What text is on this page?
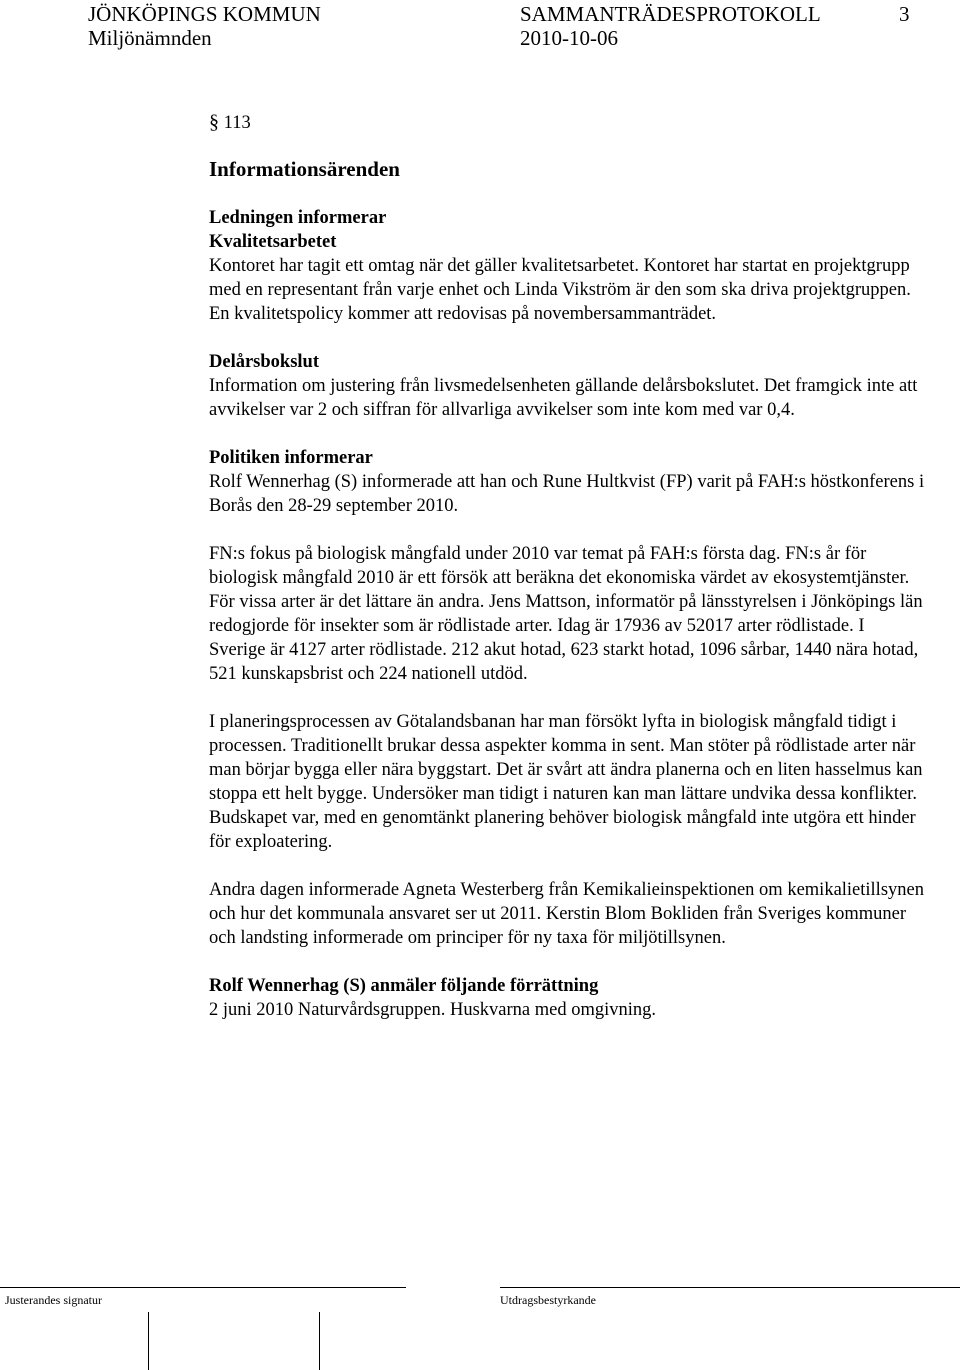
JÖNKÖPINGS KOMMUN	SAMMANTRÄDESPROTOKOLL	3
Miljönämnden	2010-10-06
§ 113
Informationsärenden

Ledningen informerar

Kvalitetsarbetet

Kontoret har tagit ett omtag när det gäller kvalitetsarbetet. Kontoret har startat en projektgrupp med en representant från varje enhet och Linda Vikström är den som ska driva projektgruppen. En kvalitetspolicy kommer att redovisas på novembersammanträdet.

Delårsbokslut

Information om justering från livsmedelsenheten gällande delårsbokslutet. Det framgick inte att avvikelser var 2 och siffran för allvarliga avvikelser som inte kom med var 0,4.

Politiken informerar

Rolf Wennerhag (S) informerade att han och Rune Hultkvist (FP) varit på FAH:s höstkonferens i Borås den 28-29 september 2010.

FN:s fokus på biologisk mångfald under 2010 var temat på FAH:s första dag. FN:s år för biologisk mångfald 2010 är ett försök att beräkna det ekonomiska värdet av ekosystemtjänster. För vissa arter är det lättare än andra. Jens Mattson, informatör på länsstyrelsen i Jönköpings län redogjorde för insekter som är rödlistade arter. Idag är 17936 av 52017 arter rödlistade. I Sverige är 4127 arter rödlistade. 212 akut hotad, 623 starkt hotad, 1096 sårbar, 1440 nära hotad, 521 kunskapsbrist och 224 nationell utdöd.

I planeringsprocessen av Götalandsbanan har man försökt lyfta in biologisk mångfald tidigt i processen. Traditionellt brukar dessa aspekter komma in sent. Man stöter på rödlistade arter när man börjar bygga eller nära byggstart. Det är svårt att ändra planerna och en liten hasselmus kan stoppa ett helt bygge. Undersöker man tidigt i naturen kan man lättare undvika dessa konflikter. Budskapet var, med en genomtänkt planering behöver biologisk mångfald inte utgöra ett hinder för exploatering.

Andra dagen informerade Agneta Westerberg från Kemikalieinspektionen om kemikalietillsynen och hur det kommunala ansvaret ser ut 2011. Kerstin Blom Bokliden från Sveriges kommuner och landsting informerade om principer för ny taxa för miljötillsynen.

Rolf Wennerhag (S) anmäler följande förrättning

2 juni 2010 Naturvårdsgruppen. Huskvarna med omgivning.

Justerandes signatur	Utdragsbestyrkande
